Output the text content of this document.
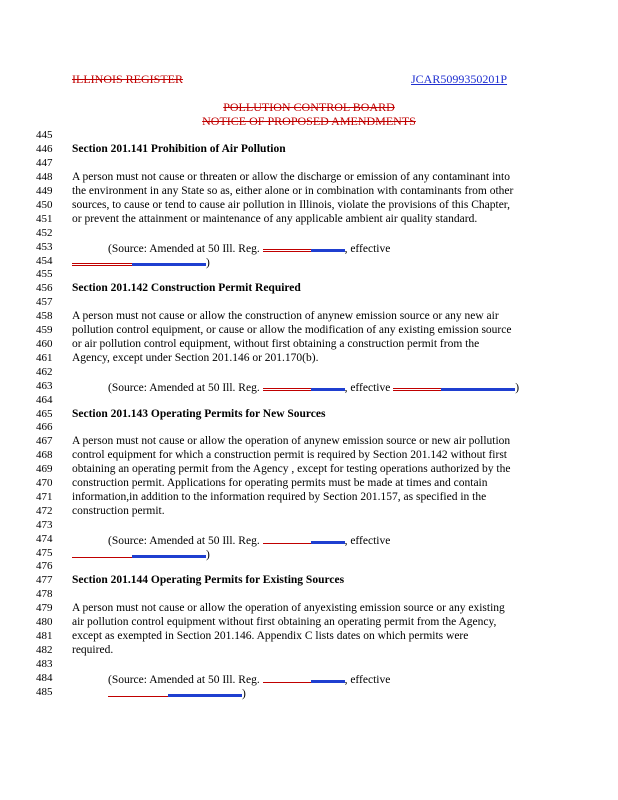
ILLINOIS REGISTER	JCAR5099350201P
POLLUTION CONTROL BOARD
NOTICE OF PROPOSED AMENDMENTS
445
446
447
448
449
450
451
452
453
454
455
456
457
458
459
460
461
462
463
464
465
466
467
468
469
470
471
472
473
474
475
476
477
478
479
480
481
482
483
484
485
Section 201.141 Prohibition of Air Pollution
A person must not cause or threaten or allow the discharge or emission of any contaminant into
the environment in any State so as, either alone or in combination with contaminants from other
sources, to cause or tend to cause air pollution in Illinois, violate the provisions of this Chapter,
or prevent the attainment or maintenance of any applicable ambient air quality standard.
(Source: Amended at 50 Ill. Reg.	, effective
)
Section 201.142 Construction Permit Required
A person must not cause or allow the construction of anynew emission source or any new air
pollution control equipment, or cause or allow the modification of any existing emission source
or air pollution control equipment, without first obtaining a construction permit from the
Agency, except under Section 201.146 or 201.170(b).
(Source: Amended at 50 Ill. Reg.	, effective	)
Section 201.143 Operating Permits for New Sources
A person must not cause or allow the operation of anynew emission source or new air pollution
control equipment for which a construction permit is required by Section 201.142 without first
obtaining an operating permit from the Agency , except for testing operations authorized by the
construction permit. Applications for operating permits must be made at times and contain
information,in addition to the information required by Section 201.157, as specified in the
construction permit.
(Source: Amended at 50 Ill. Reg.	, effective
)
Section 201.144 Operating Permits for Existing Sources
A person must not cause or allow the operation of anyexisting emission source or any existing
air pollution control equipment without first obtaining an operating permit from the Agency,
except as exempted in Section 201.146. Appendix C lists dates on which permits were
required.
(Source: Amended at 50 Ill. Reg.	, effective
)
